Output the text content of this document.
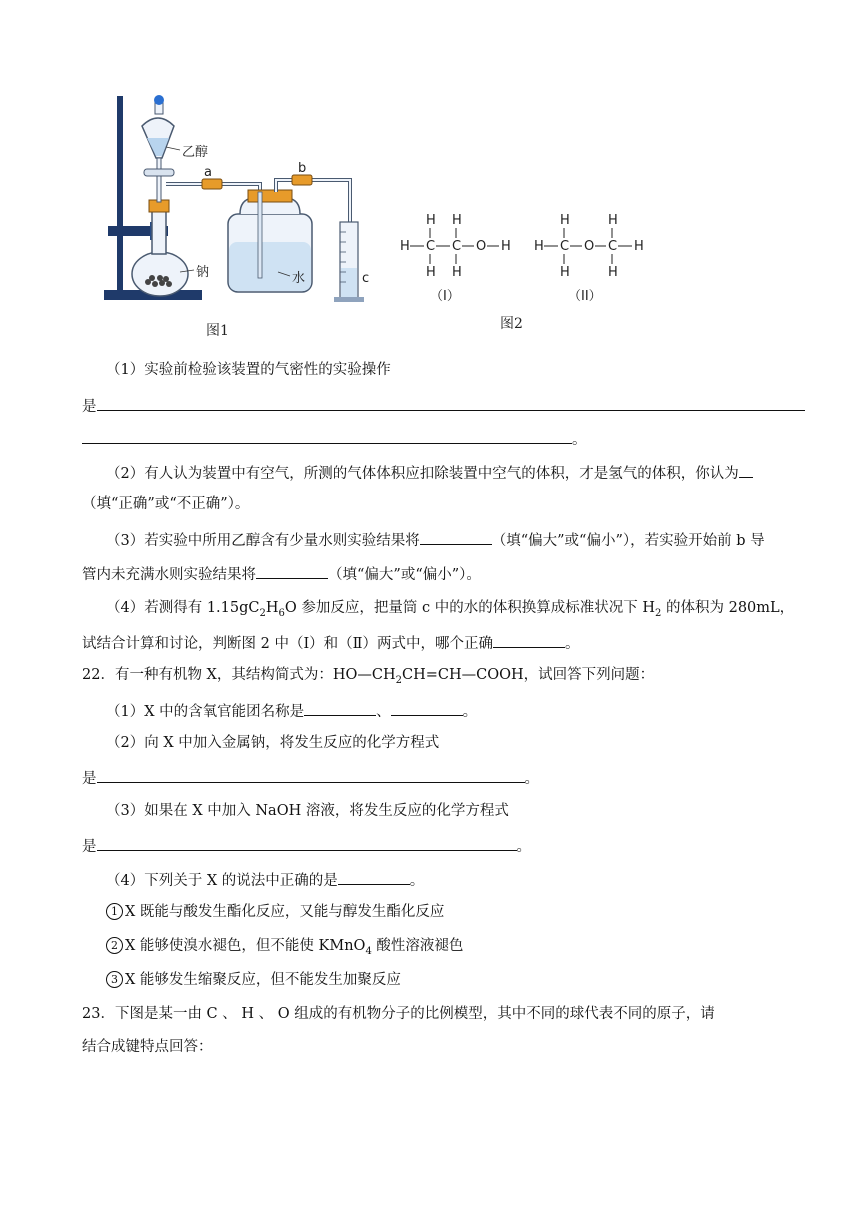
乙醇
a	b
钠	水	c
图1
H H
H C C O H
H H
（I）
H	H
H C O C H
H	H
（II）
图2
（1）实验前检验该装置的气密性的实验操作
是
。
（2）有人认为装置中有空气，所测的气体体积应扣除装置中空气的体积，才是氢气的体积，你认为
（填“正确”或“不正确”）。
（3）若实验中所用乙醇含有少量水则实验结果将	（填“偏大”或“偏小”），若实验开始前 b 导
管内未充满水则实验结果将	（填“偏大”或“偏小”）。
（4）若测得有 $1.15gC_2H_6O$ 参加反应，把量筒 c 中的水的体积换算成标准状况下 $H_2$ 的体积为 280mL，
试结合计算和讨论，判断图 2 中（Ⅰ）和（Ⅱ）两式中，哪个正确	。
22．有一种有机物 X，其结构简式为：$HO—CH_2CH=CH—COOH$，试回答下列问题：
（1）X 中的含氧官能团名称是	、	。
（2）向 X 中加入金属钠，将发生反应的化学方程式
是	。
（3）如果在 X 中加入 NaOH 溶液，将发生反应的化学方程式
是	。
（4）下列关于 X 的说法中正确的是	。
1 X 既能与酸发生酯化反应，又能与醇发生酯化反应
2 X 能够使溴水褪色，但不能使 KMnO$_4$ 酸性溶液褪色
3 X 能够发生缩聚反应，但不能发生加聚反应
23．下图是某一由 C 、 H 、 O 组成的有机物分子的比例模型，其中不同的球代表不同的原子，请
结合成键特点回答：
